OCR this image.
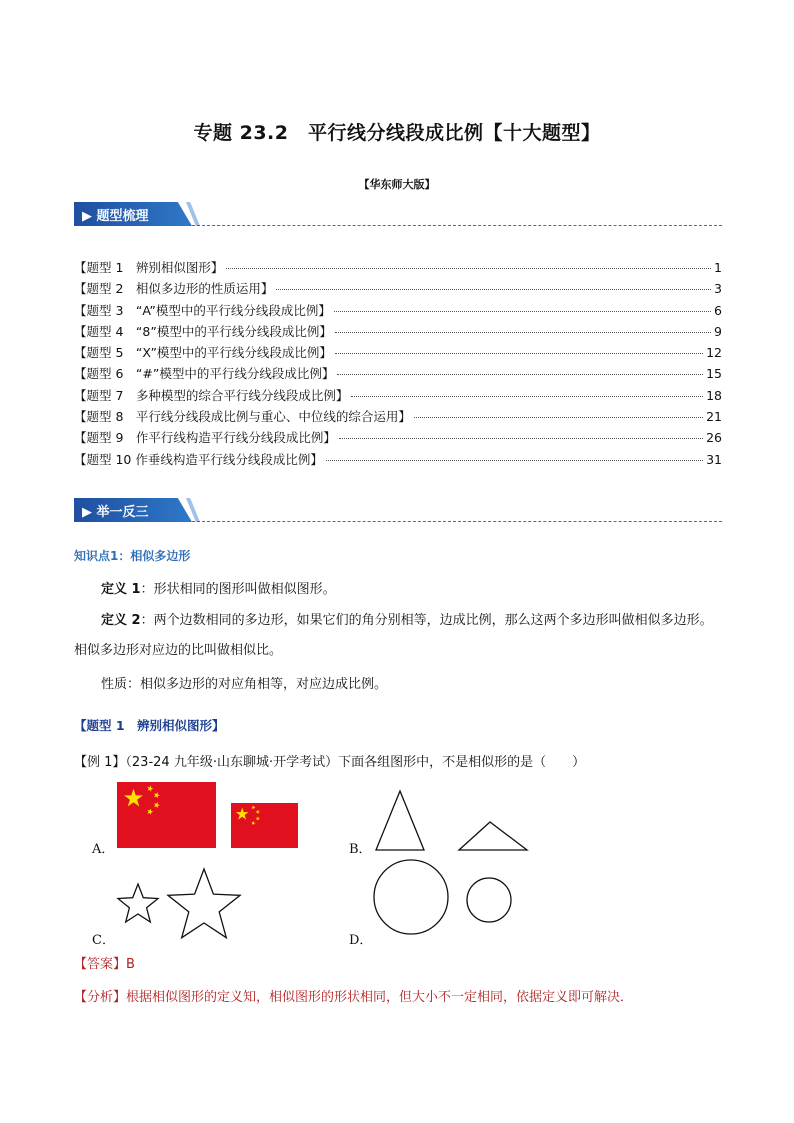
专题 23.2　平行线分线段成比例【十大题型】
【华东师大版】
▶ 题型梳理
【题型 1　辨别相似图形】	1
【题型 2　相似多边形的性质运用】	3
【题型 3　“A”模型中的平行线分线段成比例】	6
【题型 4　“8”模型中的平行线分线段成比例】	9
【题型 5　“X”模型中的平行线分线段成比例】	12
【题型 6　“#”模型中的平行线分线段成比例】	15
【题型 7　多种模型的综合平行线分线段成比例】	18
【题型 8　平行线分线段成比例与重心、中位线的综合运用】	21
【题型 9　作平行线构造平行线分线段成比例】	26
【题型 10 作垂线构造平行线分线段成比例】	31
▶ 举一反三
知识点1：相似多边形
定义 1：形状相同的图形叫做相似图形。
定义 2：两个边数相同的多边形，如果它们的角分别相等，边成比例，那么这两个多边形叫做相似多边形。相似多边形对应边的比叫做相似比。
性质：相似多边形的对应角相等，对应边成比例。
【题型 1　辨别相似图形】
【例 1】（23-24 九年级·山东聊城·开学考试）下面各组图形中，不是相似形的是（　　）
A．	B．
C．	D．
【答案】B
【分析】根据相似图形的定义知，相似图形的形状相同，但大小不一定相同，依据定义即可解决．
